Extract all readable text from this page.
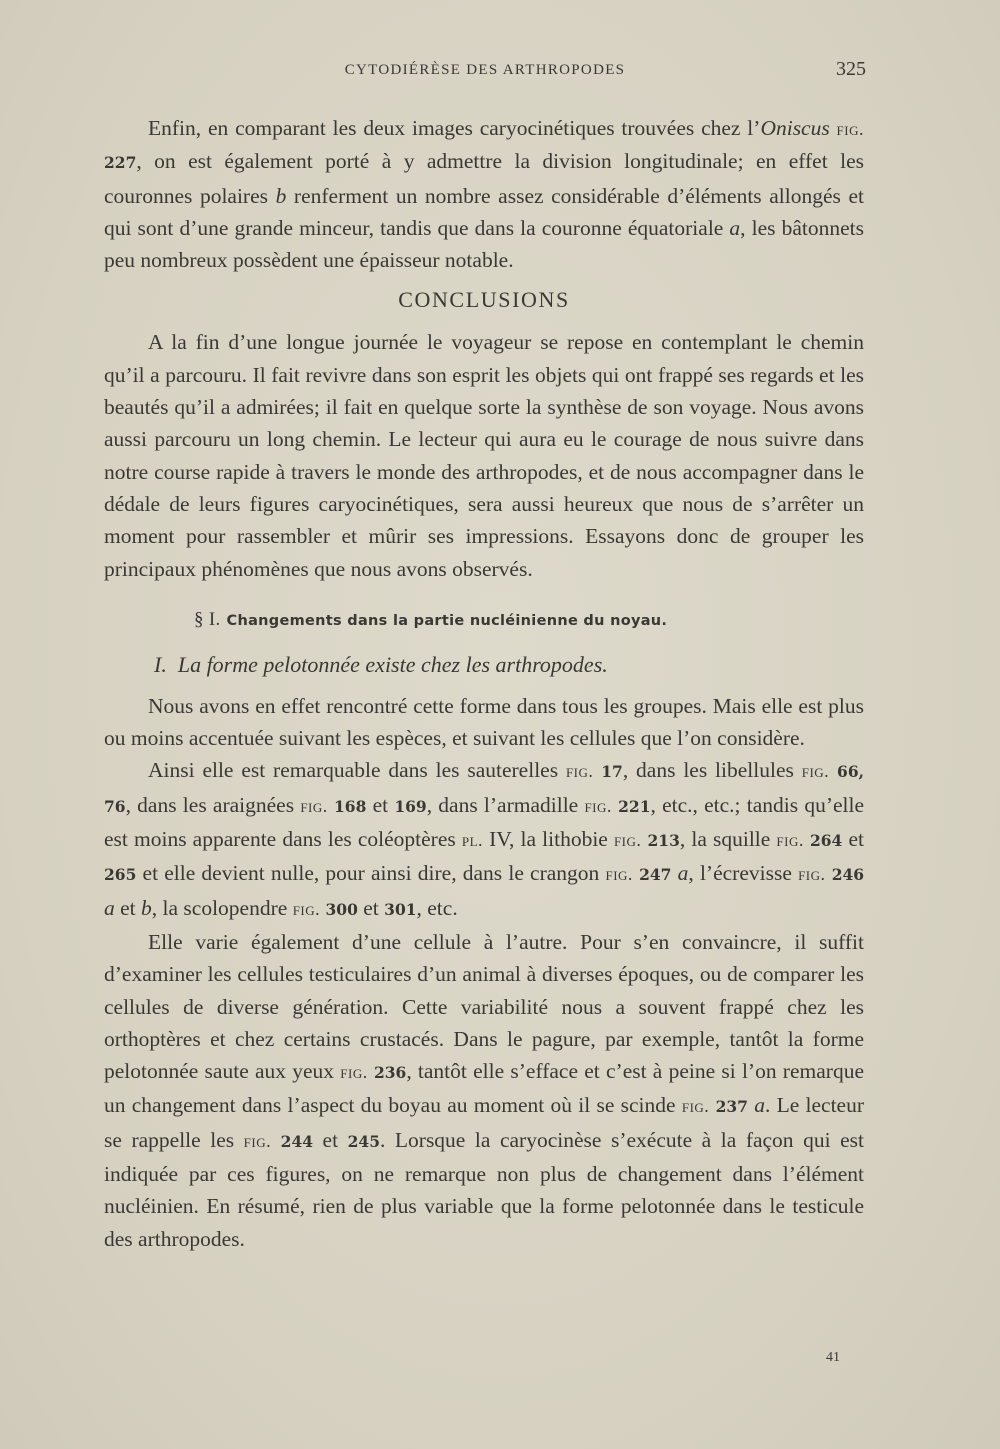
CYTODIÉRÈSE DES ARTHROPODES	325

Enfin, en comparant les deux images caryocinétiques trouvées chez l’Oniscus fig. 227, on est également porté à y admettre la division longitudinale; en effet les couronnes polaires b renferment un nombre assez considérable d’éléments allongés et qui sont d’une grande minceur, tandis que dans la couronne équatoriale a, les bâtonnets peu nombreux possèdent une épaisseur notable.

CONCLUSIONS

A la fin d’une longue journée le voyageur se repose en contemplant le chemin qu’il a parcouru. Il fait revivre dans son esprit les objets qui ont frappé ses regards et les beautés qu’il a admirées; il fait en quelque sorte la synthèse de son voyage. Nous avons aussi parcouru un long chemin. Le lecteur qui aura eu le courage de nous suivre dans notre course rapide à travers le monde des arthropodes, et de nous accompagner dans le dédale de leurs figures caryocinétiques, sera aussi heureux que nous de s’arrêter un moment pour rassembler et mûrir ses impressions. Essayons donc de grouper les principaux phénomènes que nous avons observés.

§ I. Changements dans la partie nucléinienne du noyau.
I. La forme pelotonnée existe chez les arthropodes.

Nous avons en effet rencontré cette forme dans tous les groupes. Mais elle est plus ou moins accentuée suivant les espèces, et suivant les cellules que l’on considère.

Ainsi elle est remarquable dans les sauterelles fig. 17, dans les libellules fig. 66, 76, dans les araignées fig. 168 et 169, dans l’armadille fig. 221, etc., etc.; tandis qu’elle est moins apparente dans les coléoptères pl. IV, la lithobie fig. 213, la squille fig. 264 et 265 et elle devient nulle, pour ainsi dire, dans le crangon fig. 247 a, l’écrevisse fig. 246 a et b, la scolopendre fig. 300 et 301, etc.

Elle varie également d’une cellule à l’autre. Pour s’en convaincre, il suffit d’examiner les cellules testiculaires d’un animal à diverses époques, ou de comparer les cellules de diverse génération. Cette variabilité nous a souvent frappé chez les orthoptères et chez certains crustacés. Dans le pagure, par exemple, tantôt la forme pelotonnée saute aux yeux fig. 236, tantôt elle s’efface et c’est à peine si l’on remarque un changement dans l’aspect du boyau au moment où il se scinde fig. 237 a. Le lecteur se rappelle les fig. 244 et 245. Lorsque la caryocinèse s’exécute à la façon qui est indiquée par ces figures, on ne remarque non plus de changement dans l’élément nucléinien. En résumé, rien de plus variable que la forme pelotonnée dans le testicule des arthropodes.

41
